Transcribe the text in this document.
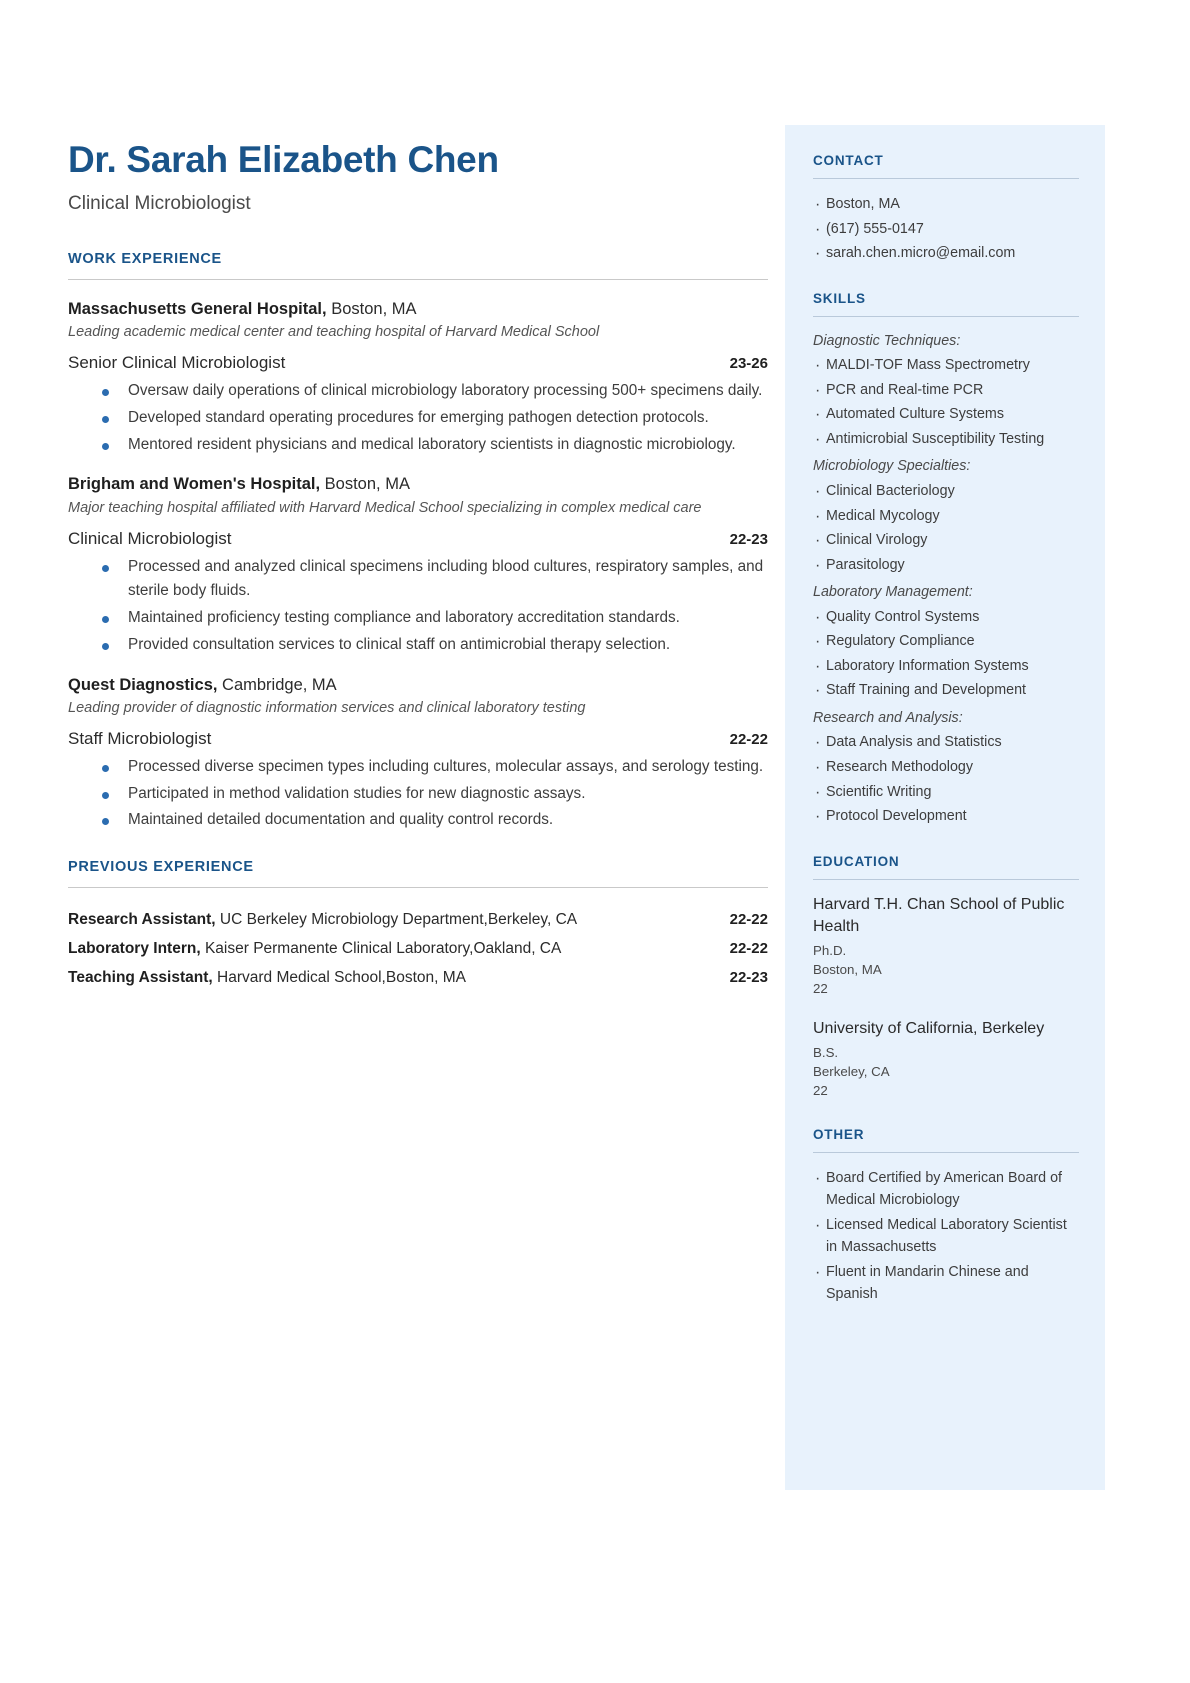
Dr. Sarah Elizabeth Chen
Clinical Microbiologist
WORK EXPERIENCE
Massachusetts General Hospital, Boston, MA
Leading academic medical center and teaching hospital of Harvard Medical School
Senior Clinical Microbiologist	23-26
Oversaw daily operations of clinical microbiology laboratory processing 500+ specimens daily.
Developed standard operating procedures for emerging pathogen detection protocols.
Mentored resident physicians and medical laboratory scientists in diagnostic microbiology.
Brigham and Women's Hospital, Boston, MA
Major teaching hospital affiliated with Harvard Medical School specializing in complex medical care
Clinical Microbiologist	22-23
Processed and analyzed clinical specimens including blood cultures, respiratory samples, and sterile body fluids.
Maintained proficiency testing compliance and laboratory accreditation standards.
Provided consultation services to clinical staff on antimicrobial therapy selection.
Quest Diagnostics, Cambridge, MA
Leading provider of diagnostic information services and clinical laboratory testing
Staff Microbiologist	22-22
Processed diverse specimen types including cultures, molecular assays, and serology testing.
Participated in method validation studies for new diagnostic assays.
Maintained detailed documentation and quality control records.
PREVIOUS EXPERIENCE
Research Assistant, UC Berkeley Microbiology Department,Berkeley, CA	22-22
Laboratory Intern, Kaiser Permanente Clinical Laboratory,Oakland, CA	22-22
Teaching Assistant, Harvard Medical School,Boston, MA	22-23
CONTACT
· Boston, MA
· (617) 555-0147
· sarah.chen.micro@email.com
SKILLS
Diagnostic Techniques:
· MALDI-TOF Mass Spectrometry
· PCR and Real-time PCR
· Automated Culture Systems
· Antimicrobial Susceptibility Testing
Microbiology Specialties:
· Clinical Bacteriology
· Medical Mycology
· Clinical Virology
· Parasitology
Laboratory Management:
· Quality Control Systems
· Regulatory Compliance
· Laboratory Information Systems
· Staff Training and Development
Research and Analysis:
· Data Analysis and Statistics
· Research Methodology
· Scientific Writing
· Protocol Development
EDUCATION
Harvard T.H. Chan School of Public Health
Ph.D.
Boston, MA
22
University of California, Berkeley
B.S.
Berkeley, CA
22
OTHER
· Board Certified by American Board of Medical Microbiology
· Licensed Medical Laboratory Scientist in Massachusetts
· Fluent in Mandarin Chinese and Spanish
